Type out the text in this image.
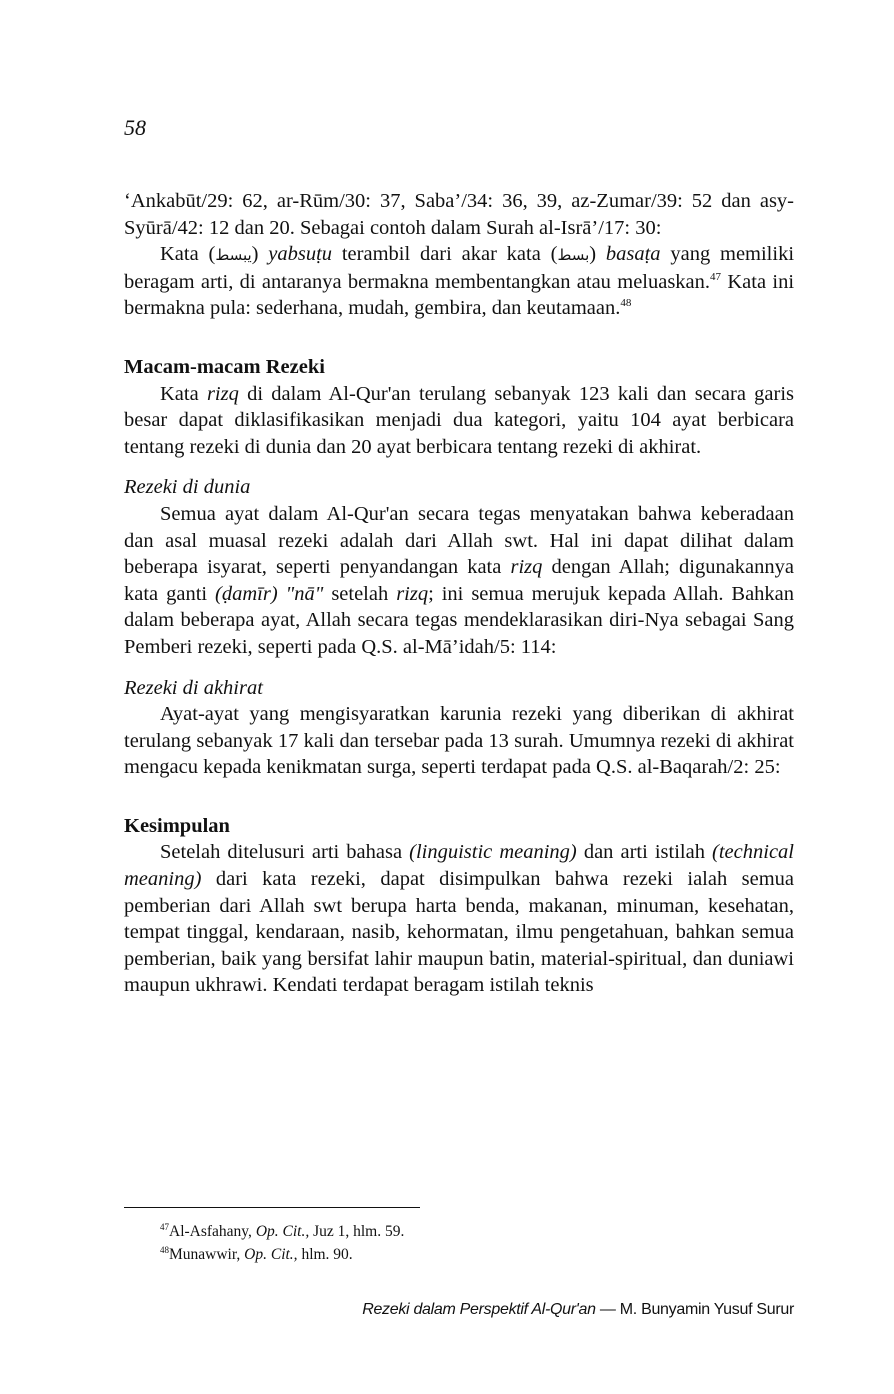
58

‘Ankabūt/29: 62, ar-Rūm/30: 37, Saba’/34: 36, 39, az-Zumar/39: 52 dan asy-Syūrā/42: 12 dan 20. Sebagai contoh dalam Surah al-Isrā’/17: 30:

Kata (يبسط) yabsuṭu terambil dari akar kata (بسط) basaṭa yang memiliki beragam arti, di antaranya bermakna membentangkan atau meluaskan.$^{47}$ Kata ini bermakna pula: sederhana, mudah, gembira, dan keutamaan.$^{48}$

Macam-macam Rezeki

Kata rizq di dalam Al-Qur'an terulang sebanyak 123 kali dan secara garis besar dapat diklasifikasikan menjadi dua kategori, yaitu 104 ayat berbicara tentang rezeki di dunia dan 20 ayat berbicara tentang rezeki di akhirat.

Rezeki di dunia

Semua ayat dalam Al-Qur'an secara tegas menyatakan bahwa keberadaan dan asal muasal rezeki adalah dari Allah swt. Hal ini dapat dilihat dalam beberapa isyarat, seperti penyandangan kata rizq dengan Allah; digunakannya kata ganti (ḍamīr) "nā" setelah rizq; ini semua merujuk kepada Allah. Bahkan dalam beberapa ayat, Allah secara tegas mendeklarasikan diri-Nya sebagai Sang Pemberi rezeki, seperti pada Q.S. al-Mā’idah/5: 114:

Rezeki di akhirat

Ayat-ayat yang mengisyaratkan karunia rezeki yang diberikan di akhirat terulang sebanyak 17 kali dan tersebar pada 13 surah. Umumnya rezeki di akhirat mengacu kepada kenikmatan surga, seperti terdapat pada Q.S. al-Baqarah/2: 25:

Kesimpulan

Setelah ditelusuri arti bahasa (linguistic meaning) dan arti istilah (technical meaning) dari kata rezeki, dapat disimpulkan bahwa rezeki ialah semua pemberian dari Allah swt berupa harta benda, makanan, minuman, kesehatan, tempat tinggal, kendaraan, nasib, kehormatan, ilmu pengetahuan, bahkan semua pemberian, baik yang bersifat lahir maupun batin, material-spiritual, dan duniawi maupun ukhrawi. Kendati terdapat beragam istilah teknis

$^{47}$Al-Asfahany, Op. Cit., Juz 1, hlm. 59.
$^{48}$Munawwir, Op. Cit., hlm. 90.
Rezeki dalam Perspektif Al-Qur'an — M. Bunyamin Yusuf Surur
